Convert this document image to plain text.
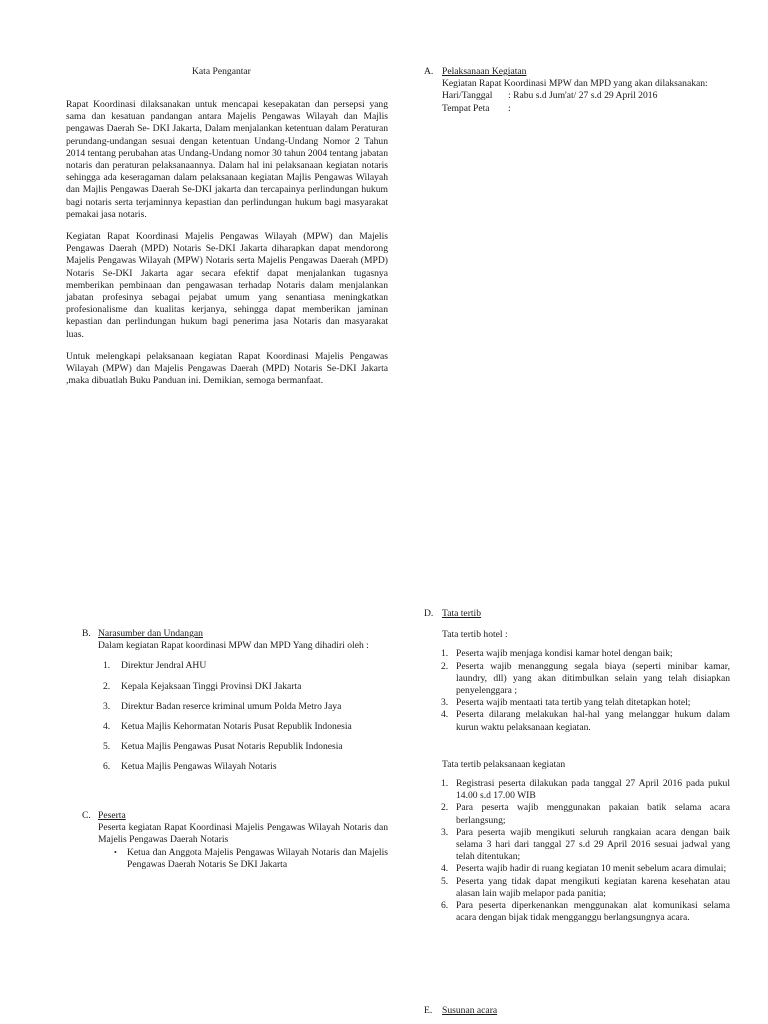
Kata Pengantar

Rapat Koordinasi dilaksanakan untuk mencapai kesepakatan dan persepsi yang sama dan kesatuan pandangan antara Majelis Pengawas Wilayah dan Majlis pengawas Daerah Se- DKI Jakarta, Dalam menjalankan ketentuan dalam Peraturan perundang-undangan sesuai dengan ketentuan Undang-Undang Nomor 2 Tahun 2014 tentang perubahan atas Undang-Undang nomor 30 tahun 2004 tentang jabatan notaris dan peraturan pelaksanaannya. Dalam hal ini pelaksanaan kegiatan notaris sehingga ada keseragaman dalam pelaksanaan kegiatan Majlis Pengawas Wilayah dan Majlis Pengawas Daerah Se-DKI jakarta dan tercapainya perlindungan hukum bagi notaris serta terjaminnya kepastian dan perlindungan hukum bagi masyarakat pemakai jasa notaris.

Kegiatan Rapat Koordinasi Majelis Pengawas Wilayah (MPW) dan Majelis Pengawas Daerah (MPD) Notaris Se-DKI Jakarta diharapkan dapat mendorong Majelis Pengawas Wilayah (MPW) Notaris serta Majelis Pengawas Daerah (MPD) Notaris Se-DKI Jakarta agar secara efektif dapat menjalankan tugasnya memberikan pembinaan dan pengawasan terhadap Notaris dalam menjalankan jabatan profesinya sebagai pejabat umum yang senantiasa meningkatkan profesionalisme dan kualitas kerjanya, sehingga dapat memberikan jaminan kepastian dan perlindungan hukum bagi penerima jasa Notaris dan masyarakat luas.

Untuk melengkapi pelaksanaan kegiatan Rapat Koordinasi Majelis Pengawas Wilayah (MPW) dan Majelis Pengawas Daerah (MPD) Notaris Se-DKI Jakarta ,maka dibuatlah Buku Panduan ini. Demikian, semoga bermanfaat.

A. Pelaksanaan Kegiatan
Kegiatan Rapat Koordinasi MPW dan MPD yang akan dilaksanakan:
Hari/Tanggal : Rabu s.d Jum'at/ 27 s.d 29 April 2016
Tempat Peta :
B. Narasumber dan Undangan
Dalam kegiatan Rapat koordinasi MPW dan MPD Yang dihadiri oleh :
1. Direktur Jendral AHU
2. Kepala Kejaksaan Tinggi Provinsi DKI Jakarta
3. Direktur Badan reserce kriminal umum Polda Metro Jaya
4. Ketua Majlis Kehormatan Notaris Pusat Republik Indonesia
5. Ketua Majlis Pengawas Pusat Notaris Republik Indonesia
6. Ketua Majlis Pengawas Wilayah Notaris
C. Peserta
Peserta kegiatan Rapat Koordinasi Majelis Pengawas Wilayah Notaris dan Majelis Pengawas Daerah Notaris
• Ketua dan Anggota Majelis Pengawas Wilayah Notaris dan Majelis Pengawas Daerah Notaris Se DKI Jakarta
D. Tata tertib
Tata tertib hotel :
1. Peserta wajib menjaga kondisi kamar hotel dengan baik;
2. Peserta wajib menanggung segala biaya (seperti minibar kamar, laundry, dll) yang akan ditimbulkan selain yang telah disiapkan penyelenggara ;
3. Peserta wajib mentaati tata tertib yang telah ditetapkan hotel;
4. Peserta dilarang melakukan hal-hal yang melanggar hukum dalam kurun waktu pelaksanaan kegiatan.
Tata tertib pelaksanaan kegiatan
1. Registrasi peserta dilakukan pada tanggal 27 April 2016 pada pukul 14.00 s.d 17.00 WIB
2. Para peserta wajib menggunakan pakaian batik selama acara berlangsung;
3. Para peserta wajib mengikuti seluruh rangkaian acara dengan baik selama 3 hari dari tanggal 27 s.d 29 April 2016 sesuai jadwal yang telah ditentukan;
4. Peserta wajib hadir di ruang kegiatan 10 menit sebelum acara dimulai;
5. Peserta yang tidak dapat mengikuti kegiatan karena kesehatan atau alasan lain wajib melapor pada panitia;
6. Para peserta diperkenankan menggunakan alat komunikasi selama acara dengan bijak tidak mengganggu berlangsungnya acara.
E. Susunan acara
